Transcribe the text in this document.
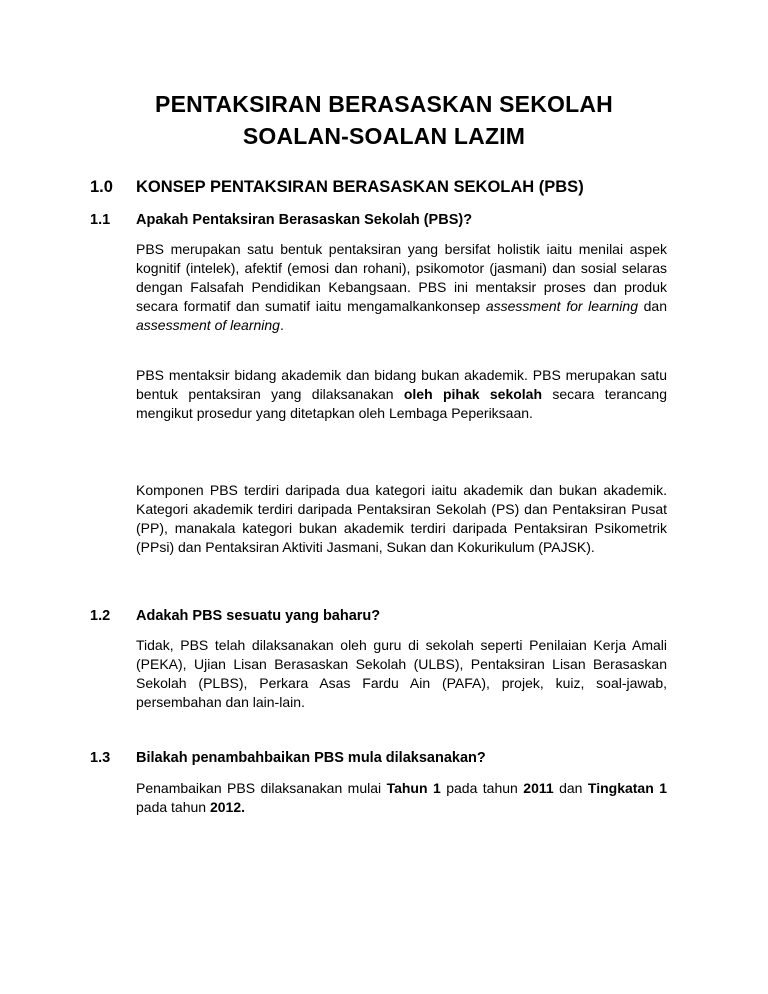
PENTAKSIRAN BERASASKAN SEKOLAH
SOALAN-SOALAN LAZIM
1.0 KONSEP PENTAKSIRAN BERASASKAN SEKOLAH (PBS)
1.1 Apakah Pentaksiran Berasaskan Sekolah (PBS)?

PBS merupakan satu bentuk pentaksiran yang bersifat holistik iaitu menilai aspek kognitif (intelek), afektif (emosi dan rohani), psikomotor (jasmani) dan sosial selaras dengan Falsafah Pendidikan Kebangsaan. PBS ini mentaksir proses dan produk secara formatif dan sumatif iaitu mengamalkankonsep assessment for learning dan assessment of learning.

PBS mentaksir bidang akademik dan bidang bukan akademik. PBS merupakan satu bentuk pentaksiran yang dilaksanakan oleh pihak sekolah secara terancang mengikut prosedur yang ditetapkan oleh Lembaga Peperiksaan.

Komponen PBS terdiri daripada dua kategori iaitu akademik dan bukan akademik. Kategori akademik terdiri daripada Pentaksiran Sekolah (PS) dan Pentaksiran Pusat (PP), manakala kategori bukan akademik terdiri daripada Pentaksiran Psikometrik (PPsi) dan Pentaksiran Aktiviti Jasmani, Sukan dan Kokurikulum (PAJSK).

1.2 Adakah PBS sesuatu yang baharu?

Tidak, PBS telah dilaksanakan oleh guru di sekolah seperti Penilaian Kerja Amali (PEKA), Ujian Lisan Berasaskan Sekolah (ULBS), Pentaksiran Lisan Berasaskan Sekolah (PLBS), Perkara Asas Fardu Ain (PAFA), projek, kuiz, soal-jawab, persembahan dan lain-lain.

1.3 Bilakah penambahbaikan PBS mula dilaksanakan?

Penambaikan PBS dilaksanakan mulai Tahun 1 pada tahun 2011 dan Tingkatan 1 pada tahun 2012.
